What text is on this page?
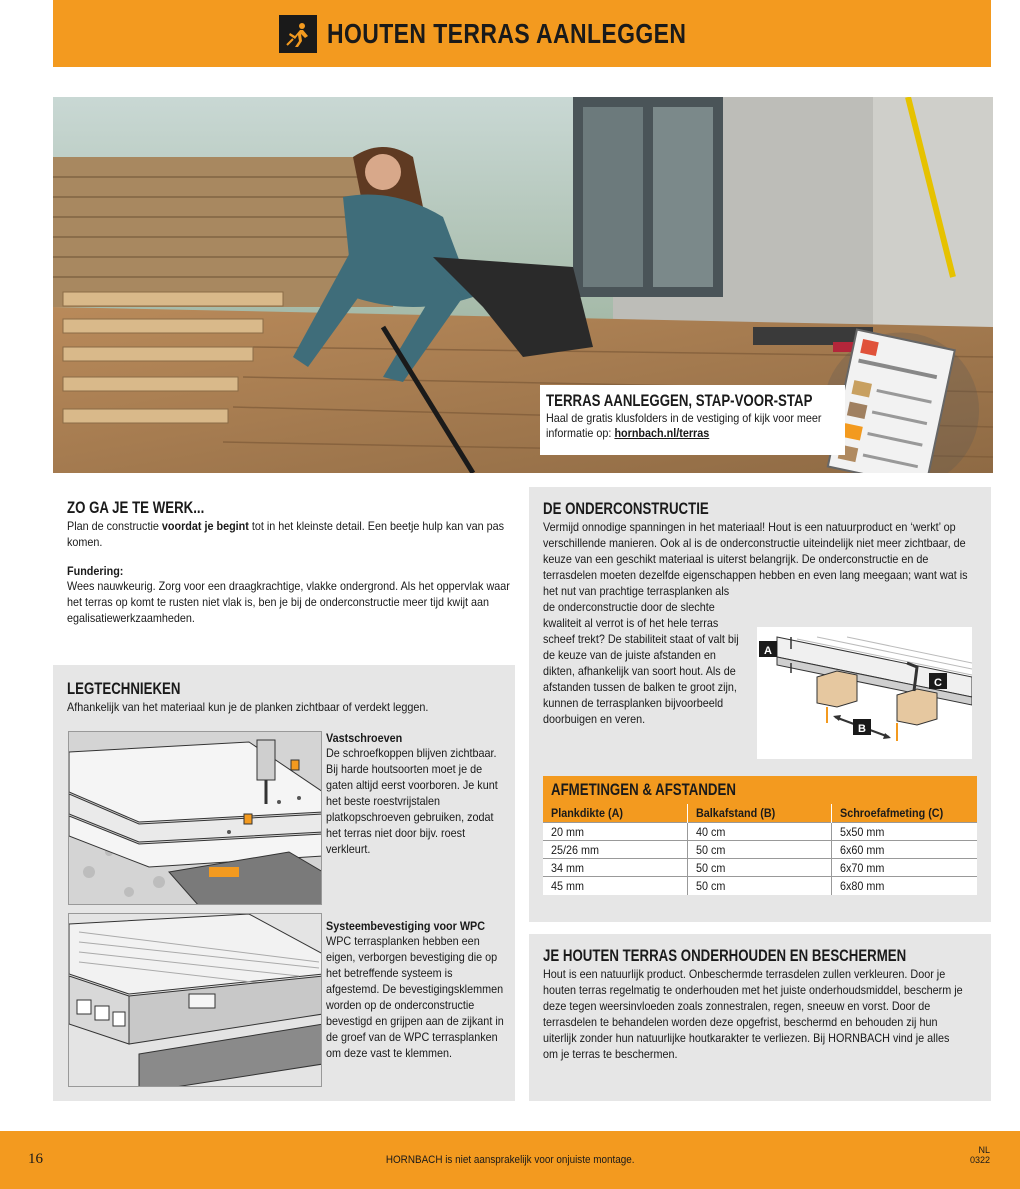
HOUTEN TERRAS AANLEGGEN
TERRAS AANLEGGEN, STAP-VOOR-STAP
Haal de gratis klusfolders in de vestiging of kijk voor meer informatie op: hornbach.nl/terras
ZO GA JE TE WERK...
Plan de constructie voordat je begint tot in het kleinste detail. Een beetje hulp kan van pas komen.
Fundering:
Wees nauwkeurig. Zorg voor een draagkrachtige, vlakke ondergrond. Als het oppervlak waar het terras op komt te rusten niet vlak is, ben je bij de onderconstructie meer tijd kwijt aan egalisatiewerkzaamheden.
LEGTECHNIEKEN
Afhankelijk van het materiaal kun je de planken zichtbaar of verdekt leggen.
Vastschroeven
De schroefkoppen blijven zichtbaar. Bij harde houtsoorten moet je de gaten altijd eerst voorboren. Je kunt het beste roestvrijstalen platkopschroeven gebruiken, zodat het terras niet door bijv. roest verkleurt.
Systeembevestiging voor WPC
WPC terrasplanken hebben een eigen, verborgen bevestiging die op het betreffende systeem is afgestemd. De bevestigingsklemmen worden op de onderconstructie bevestigd en grijpen aan de zijkant in de groef van de WPC terrasplanken om deze vast te klemmen.
DE ONDERCONSTRUCTIE
Vermijd onnodige spanningen in het materiaal! Hout is een natuurproduct en ‘werkt’ op verschillende manieren. Ook al is de onderconstructie uiteindelijk niet meer zichtbaar, de keuze van een geschikt materiaal is uiterst belangrijk. De onderconstructie en de terrasdelen moeten dezelfde eigenschappen hebben en even lang meegaan; want wat is het nut van prachtige terrasplanken als
de onderconstructie door de slechte kwaliteit al verrot is of het hele terras scheef trekt? De stabiliteit staat of valt bij de keuze van de juiste afstanden en dikten, afhankelijk van soort hout. Als de afstanden tussen de balken te groot zijn, kunnen de terrasplanken bijvoorbeeld doorbuigen en veren.
B
A
C
AFMETINGEN & AFSTANDEN
Plankdikte (A)	Balkafstand (B)	Schroefafmeting (C)
20 mm	40 cm	5x50 mm
25/26 mm	50 cm	6x60 mm
34 mm	50 cm	6x70 mm
45 mm	50 cm	6x80 mm
JE HOUTEN TERRAS ONDERHOUDEN EN BESCHERMEN
Hout is een natuurlijk product. Onbeschermde terrasdelen zullen verkleuren. Door je houten terras regelmatig te onderhouden met het juiste onderhoudsmiddel, bescherm je deze tegen weersinvloeden zoals zonnestralen, regen, sneeuw en vorst. Door de terrasdelen te behandelen worden deze opgefrist, beschermd en behouden zij hun uiterlijk zonder hun natuurlijke houtkarakter te verliezen. Bij HORNBACH vind je alles om je terras te beschermen.
16	HORNBACH is niet aansprakelijk voor onjuiste montage.
NL
0322
